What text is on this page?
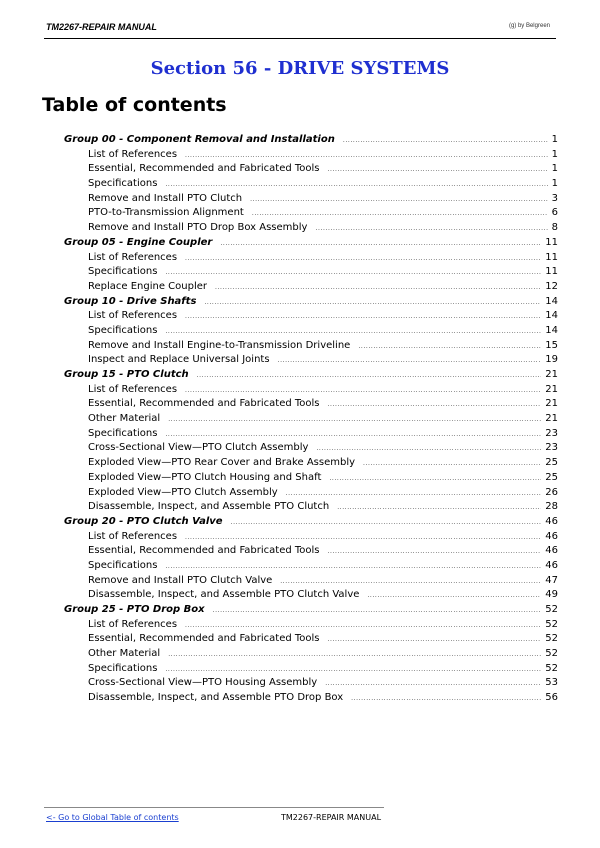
TM2267-REPAIR MANUAL	(g) by Belgreen
Section 56 - DRIVE SYSTEMS
Table of contents
Group 00 - Component Removal and Installation .....	1
List of References .....	1
Essential, Recommended and Fabricated Tools .....	1
Specifications .....	1
Remove and Install PTO Clutch .....	3
PTO-to-Transmission Alignment .....	6
Remove and Install PTO Drop Box Assembly .....	8
Group 05 - Engine Coupler .....	11
List of References .....	11
Specifications .....	11
Replace Engine Coupler .....	12
Group 10 - Drive Shafts .....	14
List of References .....	14
Specifications .....	14
Remove and Install Engine-to-Transmission Driveline .....	15
Inspect and Replace Universal Joints .....	19
Group 15 - PTO Clutch .....	21
List of References .....	21
Essential, Recommended and Fabricated Tools .....	21
Other Material .....	21
Specifications .....	23
Cross-Sectional View—PTO Clutch Assembly .....	23
Exploded View—PTO Rear Cover and Brake Assembly .....	25
Exploded View—PTO Clutch Housing and Shaft .....	25
Exploded View—PTO Clutch Assembly .....	26
Disassemble, Inspect, and Assemble PTO Clutch .....	28
Group 20 - PTO Clutch Valve .....	46
List of References .....	46
Essential, Recommended and Fabricated Tools .....	46
Specifications .....	46
Remove and Install PTO Clutch Valve .....	47
Disassemble, Inspect, and Assemble PTO Clutch Valve .....	49
Group 25 - PTO Drop Box .....	52
List of References .....	52
Essential, Recommended and Fabricated Tools .....	52
Other Material .....	52
Specifications .....	52
Cross-Sectional View—PTO Housing Assembly .....	53
Disassemble, Inspect, and Assemble PTO Drop Box .....	56
<- Go to Global Table of contents	TM2267-REPAIR MANUAL
